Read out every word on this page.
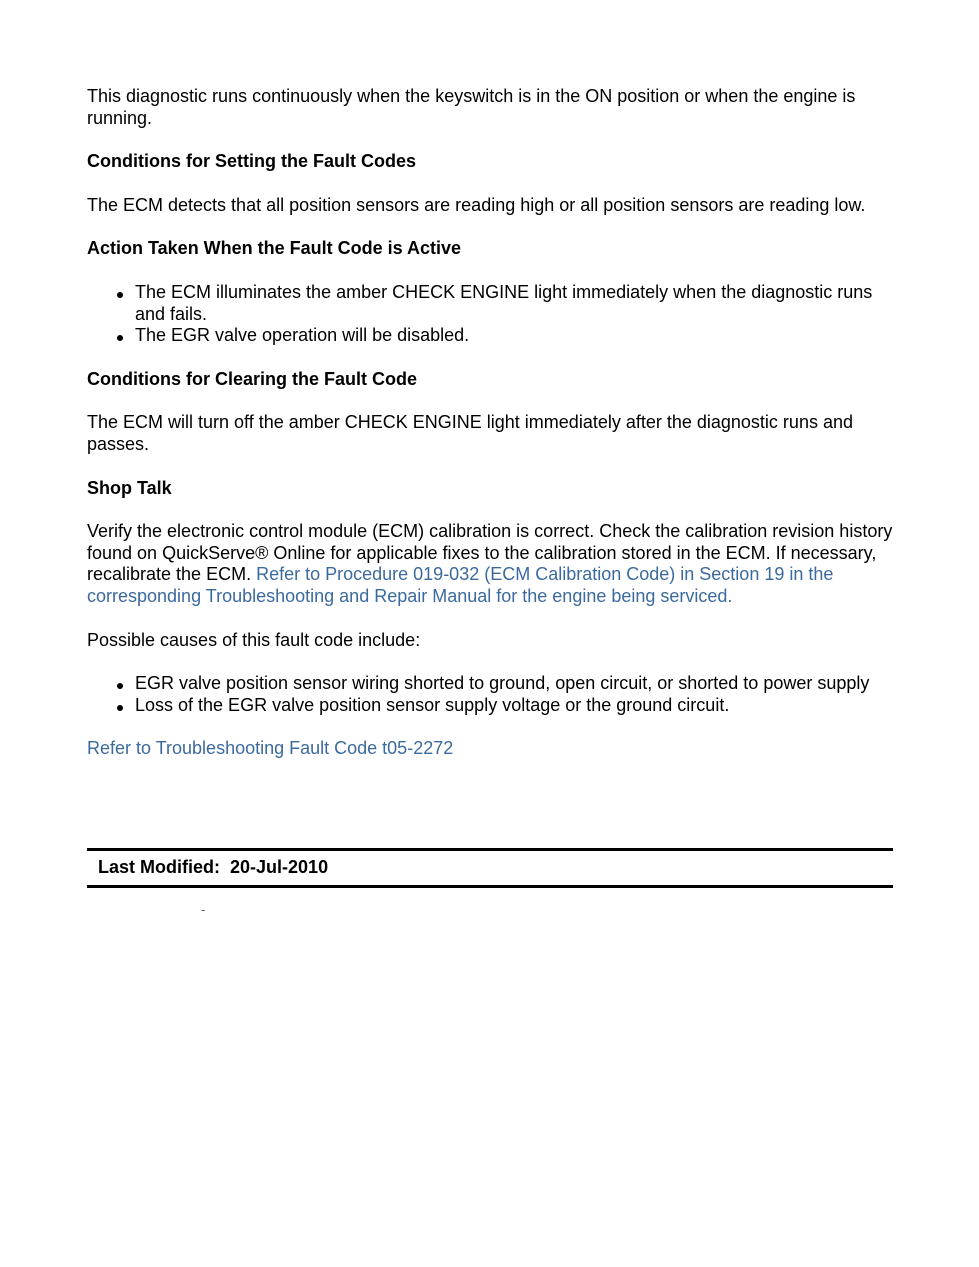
This diagnostic runs continuously when the keyswitch is in the ON position or when the engine is running.

Conditions for Setting the Fault Codes

The ECM detects that all position sensors are reading high or all position sensors are reading low.

Action Taken When the Fault Code is Active
The ECM illuminates the amber CHECK ENGINE light immediately when the diagnostic runs and fails.
The EGR valve operation will be disabled.
Conditions for Clearing the Fault Code

The ECM will turn off the amber CHECK ENGINE light immediately after the diagnostic runs and passes.

Shop Talk

Verify the electronic control module (ECM) calibration is correct. Check the calibration revision history found on QuickServe® Online for applicable fixes to the calibration stored in the ECM. If necessary, recalibrate the ECM. Refer to Procedure 019-032 (ECM Calibration Code) in Section 19 in the corresponding Troubleshooting and Repair Manual for the engine being serviced.

Possible causes of this fault code include:

EGR valve position sensor wiring shorted to ground, open circuit, or shorted to power supply
Loss of the EGR valve position sensor supply voltage or the ground circuit.

Refer to Troubleshooting Fault Code t05-2272

Last Modified: 20-Jul-2010
-
